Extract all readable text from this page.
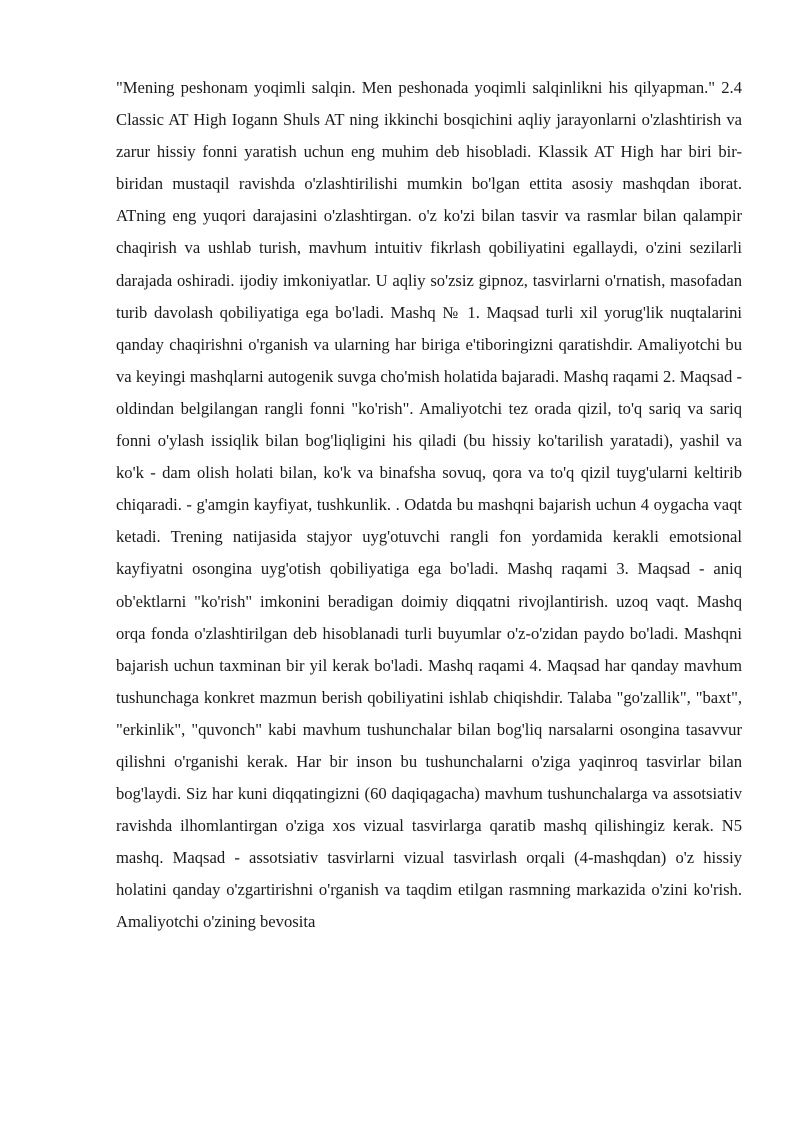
"Mening peshonam yoqimli salqin. Men peshonada yoqimli salqinlikni his qilyapman." 2.4 Classic AT High Iogann Shuls AT ning ikkinchi bosqichini aqliy jarayonlarni o'zlashtirish va zarur hissiy fonni yaratish uchun eng muhim deb hisobladi. Klassik AT High har biri bir-biridan mustaqil ravishda o'zlashtirilishi mumkin bo'lgan ettita asosiy mashqdan iborat. ATning eng yuqori darajasini o'zlashtirgan. o'z ko'zi bilan tasvir va rasmlar bilan qalampir chaqirish va ushlab turish, mavhum intuitiv fikrlash qobiliyatini egallaydi, o'zini sezilarli darajada oshiradi. ijodiy imkoniyatlar. U aqliy so'zsiz gipnoz, tasvirlarni o'rnatish, masofadan turib davolash qobiliyatiga ega bo'ladi. Mashq № 1. Maqsad turli xil yorug'lik nuqtalarini qanday chaqirishni o'rganish va ularning har biriga e'tiboringizni qaratishdir. Amaliyotchi bu va keyingi mashqlarni autogenik suvga cho'mish holatida bajaradi. Mashq raqami 2. Maqsad - oldindan belgilangan rangli fonni "ko'rish". Amaliyotchi tez orada qizil, to'q sariq va sariq fonni o'ylash issiqlik bilan bog'liqligini his qiladi (bu hissiy ko'tarilish yaratadi), yashil va ko'k - dam olish holati bilan, ko'k va binafsha sovuq, qora va to'q qizil tuyg'ularni keltirib chiqaradi. - g'amgin kayfiyat, tushkunlik. . Odatda bu mashqni bajarish uchun 4 oygacha vaqt ketadi. Trening natijasida stajyor uyg'otuvchi rangli fon yordamida kerakli emotsional kayfiyatni osongina uyg'otish qobiliyatiga ega bo'ladi. Mashq raqami 3. Maqsad - aniq ob'ektlarni "ko'rish" imkonini beradigan doimiy diqqatni rivojlantirish. uzoq vaqt. Mashq orqa fonda o'zlashtirilgan deb hisoblanadi turli buyumlar o'z-o'zidan paydo bo'ladi. Mashqni bajarish uchun taxminan bir yil kerak bo'ladi. Mashq raqami 4. Maqsad har qanday mavhum tushunchaga konkret mazmun berish qobiliyatini ishlab chiqishdir. Talaba "go'zallik", "baxt", "erkinlik", "quvonch" kabi mavhum tushunchalar bilan bog'liq narsalarni osongina tasavvur qilishni o'rganishi kerak. Har bir inson bu tushunchalarni o'ziga yaqinroq tasvirlar bilan bog'laydi. Siz har kuni diqqatingizni (60 daqiqagacha) mavhum tushunchalarga va assotsiativ ravishda ilhomlantirgan o'ziga xos vizual tasvirlarga qaratib mashq qilishingiz kerak. N5 mashq. Maqsad - assotsiativ tasvirlarni vizual tasvirlash orqali (4-mashqdan) o'z hissiy holatini qanday o'zgartirishni o'rganish va taqdim etilgan rasmning markazida o'zini ko'rish. Amaliyotchi o'zining bevosita
